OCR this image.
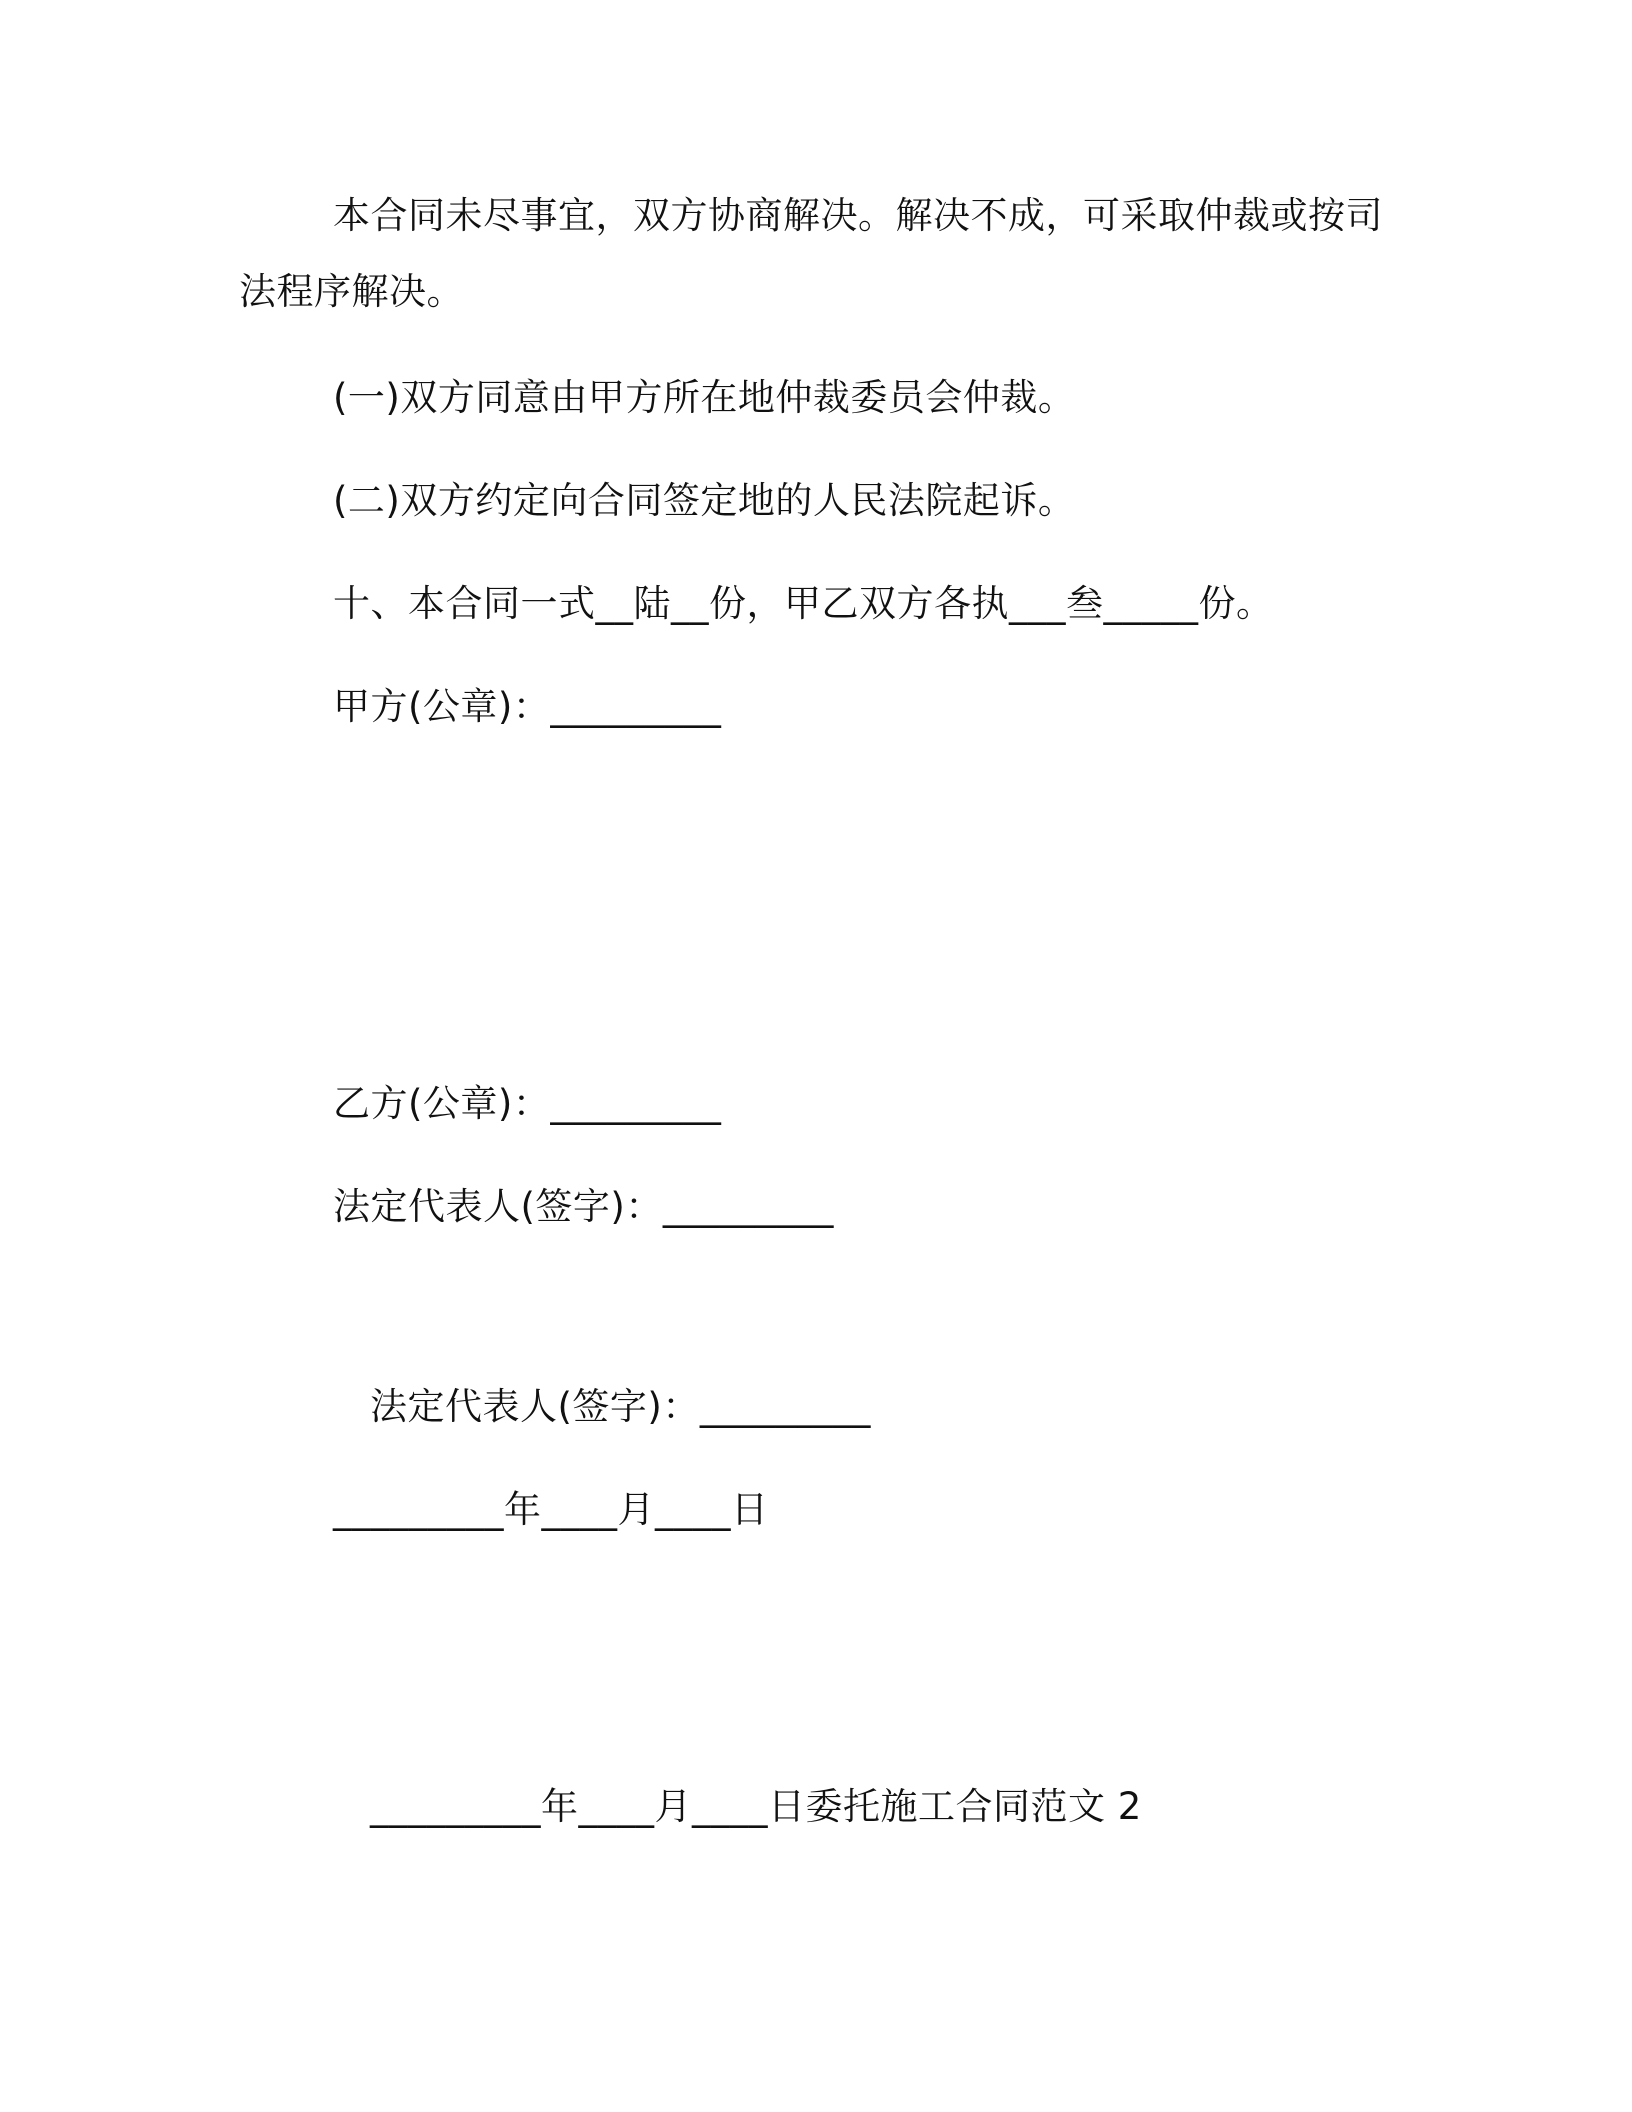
本合同未尽事宜，双方协商解决。解决不成，可采取仲裁或按司
法程序解决。
(一)双方同意由甲方所在地仲裁委员会仲裁。
(二)双方约定向合同签定地的人民法院起诉。
十、本合同一式__陆__份，甲乙双方各执___叁_____份。
甲方(公章)：_________
乙方(公章)：_________
法定代表人(签字)：_________
法定代表人(签字)：_________
_________年____月____日
_________年____月____日委托施工合同范文 2
